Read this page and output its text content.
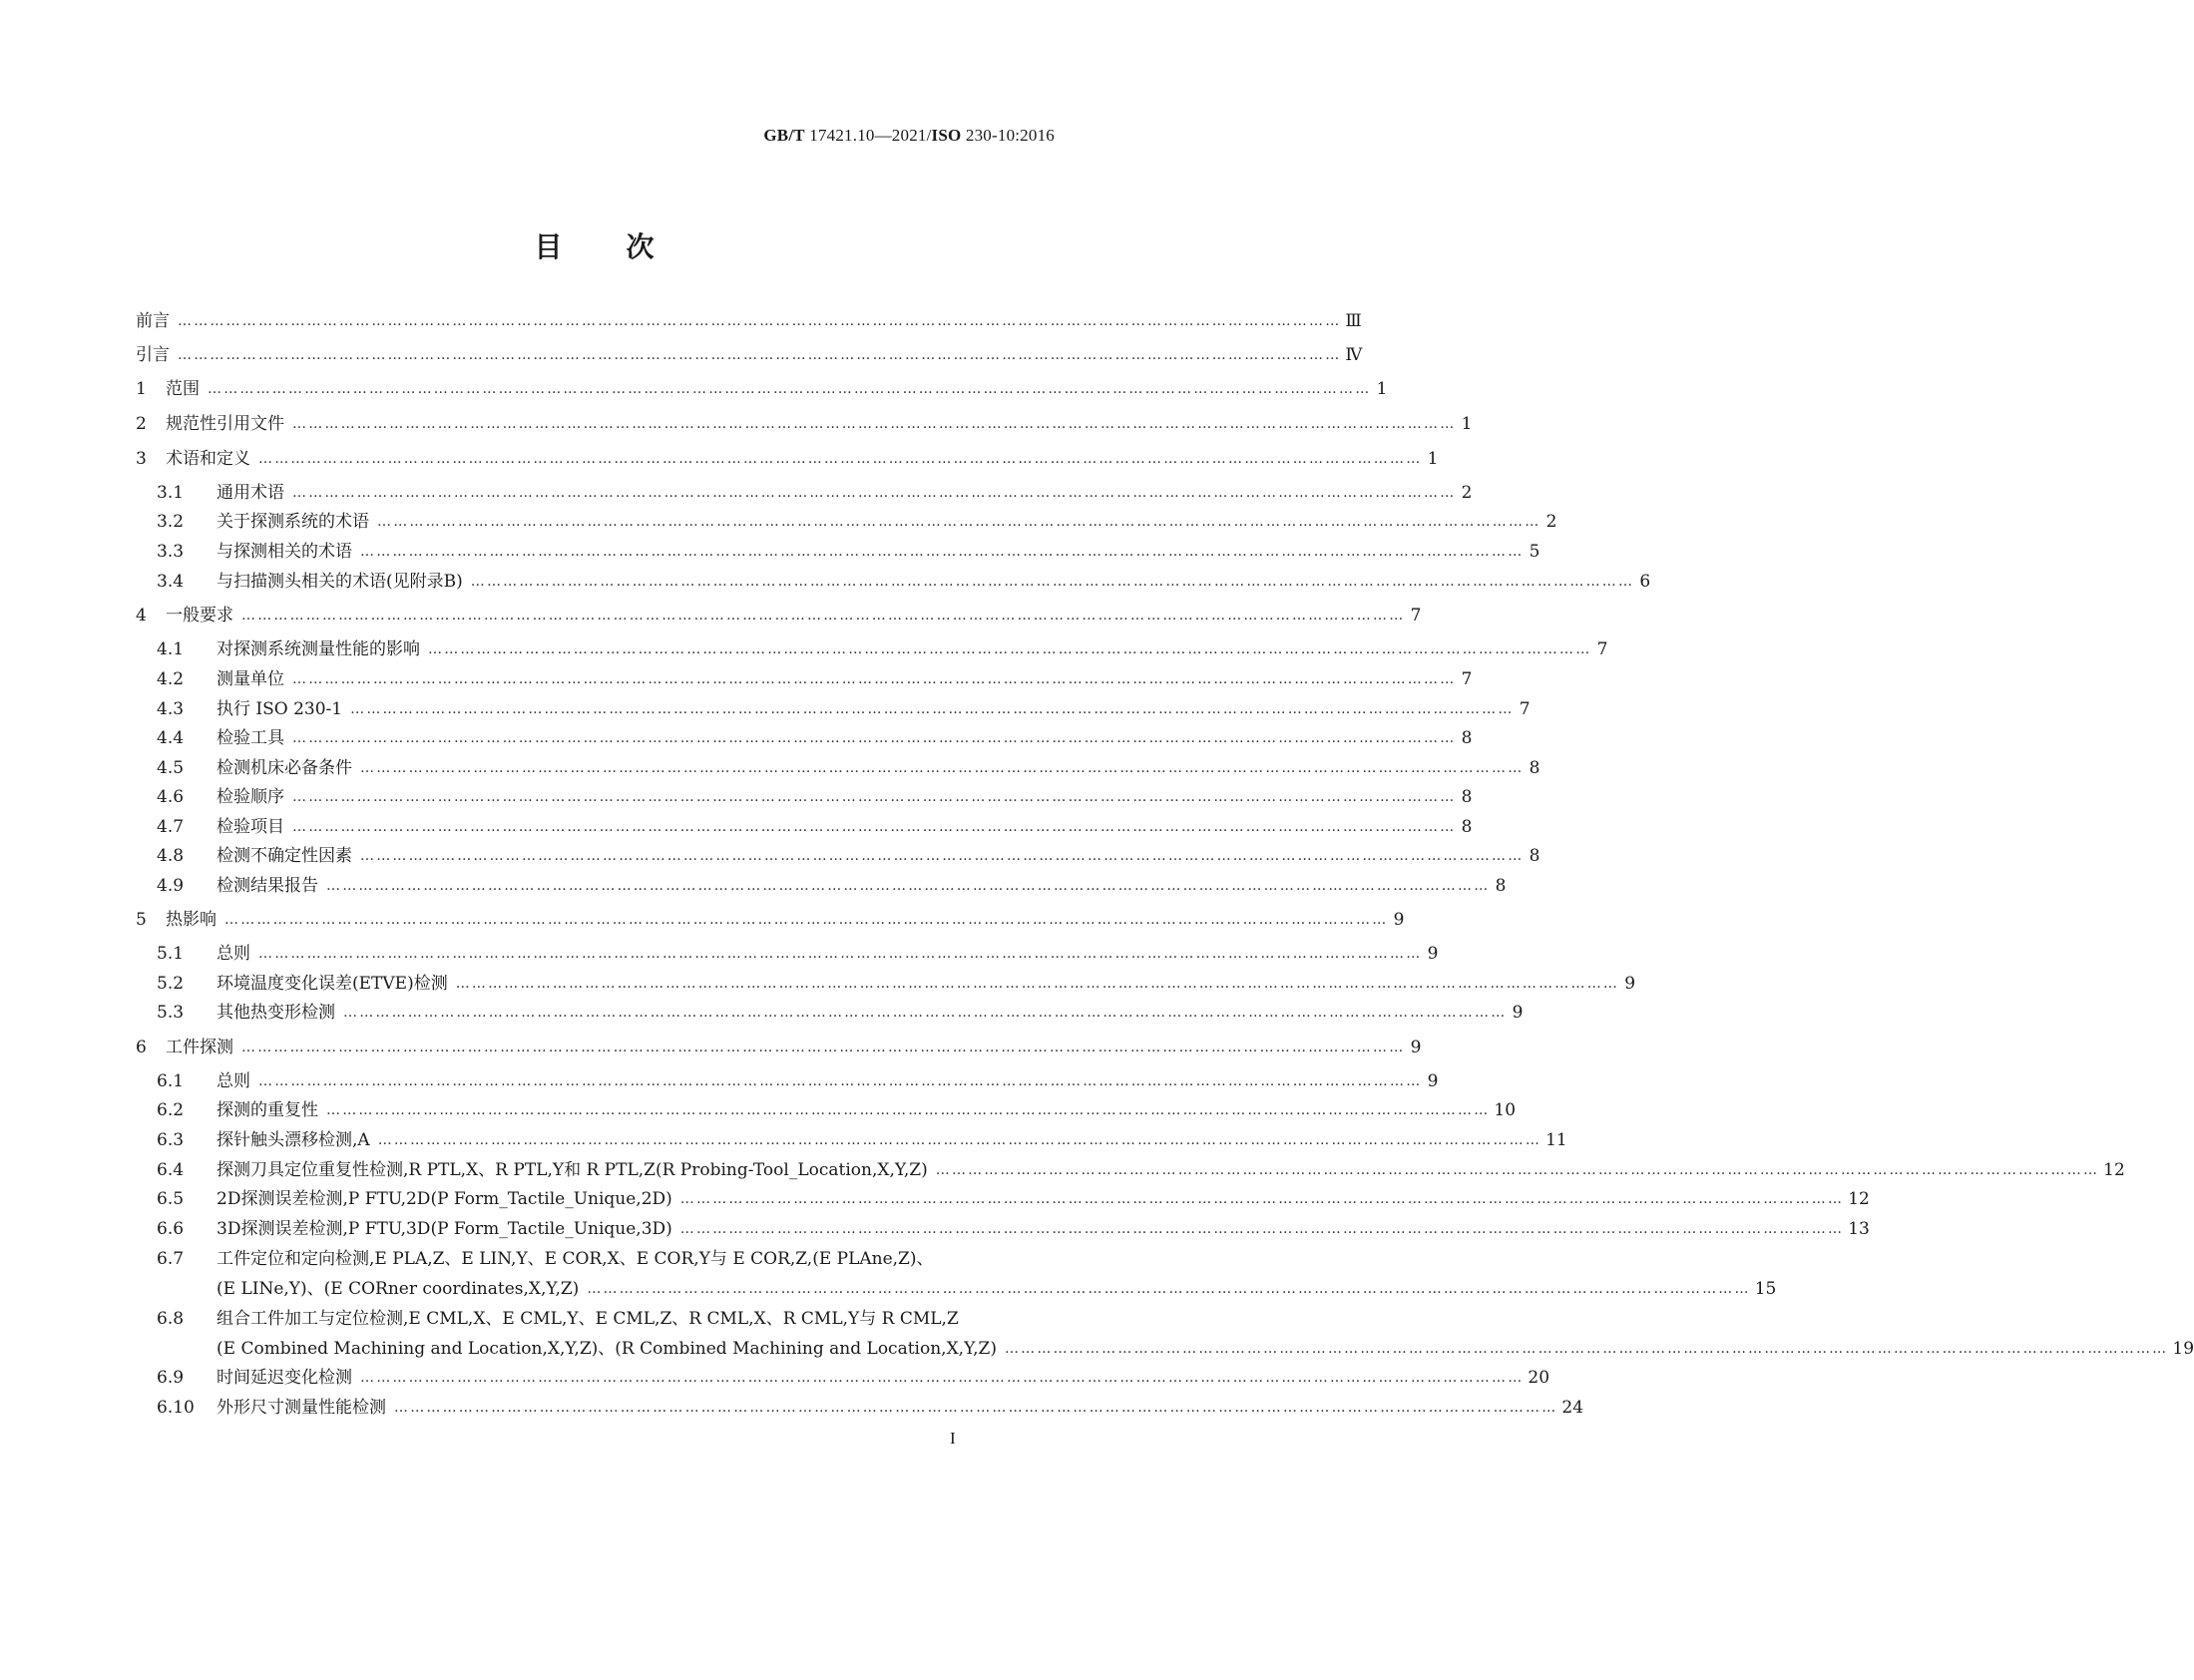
GB/T 17421.10—2021/ISO 230-10:2016
目次
前言 ……………………………………………………………………………………………………………………………………………………………………………………………… Ⅲ
引言 ……………………………………………………………………………………………………………………………………………………………………………………………… Ⅳ
1	范围 ……………………………………………………………………………………………………………………………………………………………………………………………… 1
2	规范性引用文件 ……………………………………………………………………………………………………………………………………………………………………………………………… 1
3	术语和定义 ……………………………………………………………………………………………………………………………………………………………………………………………… 1
3.1	通用术语 ……………………………………………………………………………………………………………………………………………………………………………………………… 2
3.2	关于探测系统的术语 ……………………………………………………………………………………………………………………………………………………………………………………………… 2
3.3	与探测相关的术语 ……………………………………………………………………………………………………………………………………………………………………………………………… 5
3.4	与扫描测头相关的术语(见附录B) ……………………………………………………………………………………………………………………………………………………………………………………………… 6
4	一般要求 ……………………………………………………………………………………………………………………………………………………………………………………………… 7
4.1	对探测系统测量性能的影响 ……………………………………………………………………………………………………………………………………………………………………………………………… 7
4.2	测量单位 ……………………………………………………………………………………………………………………………………………………………………………………………… 7
4.3	执行 ISO 230-1 ……………………………………………………………………………………………………………………………………………………………………………………………… 7
4.4	检验工具 ……………………………………………………………………………………………………………………………………………………………………………………………… 8
4.5	检测机床必备条件 ……………………………………………………………………………………………………………………………………………………………………………………………… 8
4.6	检验顺序 ……………………………………………………………………………………………………………………………………………………………………………………………… 8
4.7	检验项目 ……………………………………………………………………………………………………………………………………………………………………………………………… 8
4.8	检测不确定性因素 ……………………………………………………………………………………………………………………………………………………………………………………………… 8
4.9	检测结果报告 ……………………………………………………………………………………………………………………………………………………………………………………………… 8
5	热影响 ……………………………………………………………………………………………………………………………………………………………………………………………… 9
5.1	总则 ……………………………………………………………………………………………………………………………………………………………………………………………… 9
5.2	环境温度变化误差(ETVE)检测 ……………………………………………………………………………………………………………………………………………………………………………………………… 9
5.3	其他热变形检测 ……………………………………………………………………………………………………………………………………………………………………………………………… 9
6	工件探测 ……………………………………………………………………………………………………………………………………………………………………………………………… 9
6.1	总则 ……………………………………………………………………………………………………………………………………………………………………………………………… 9
6.2	探测的重复性 ……………………………………………………………………………………………………………………………………………………………………………………………… 10
6.3	探针触头漂移检测,A ……………………………………………………………………………………………………………………………………………………………………………………………… 11
6.4	探测刀具定位重复性检测,R PTL,X、R PTL,Y和 R PTL,Z(R Probing-Tool_Location,X,Y,Z) ……………………………………………………………………………………………………………………………………………………………………………………………… 12
6.5	2D探测误差检测,P FTU,2D(P Form_Tactile_Unique,2D) ……………………………………………………………………………………………………………………………………………………………………………………………… 12
6.6	3D探测误差检测,P FTU,3D(P Form_Tactile_Unique,3D) ……………………………………………………………………………………………………………………………………………………………………………………………… 13
6.7	工件定位和定向检测,E PLA,Z、E LIN,Y、E COR,X、E COR,Y与 E COR,Z,(E PLAne,Z)、
(E LINe,Y)、(E CORner coordinates,X,Y,Z) ……………………………………………………………………………………………………………………………………………………………………………………………… 15
6.8	组合工件加工与定位检测,E CML,X、E CML,Y、E CML,Z、R CML,X、R CML,Y与 R CML,Z
(E Combined Machining and Location,X,Y,Z)、(R Combined Machining and Location,X,Y,Z) ……………………………………………………………………………………………………………………………………………………………………………………………… 19
6.9	时间延迟变化检测 ……………………………………………………………………………………………………………………………………………………………………………………………… 20
6.10	外形尺寸测量性能检测 ……………………………………………………………………………………………………………………………………………………………………………………………… 24
I
